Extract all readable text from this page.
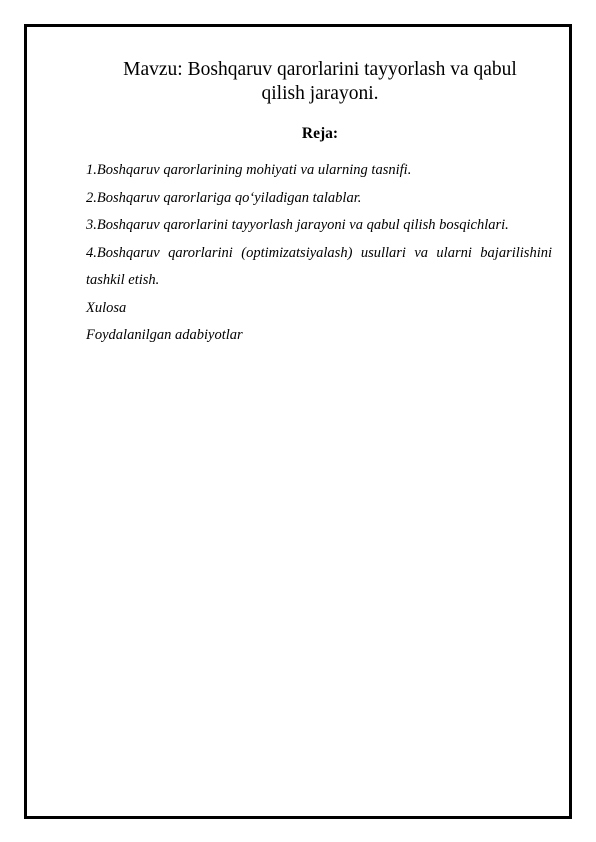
Mavzu: Boshqaruv qarorlarini tayyorlash va qabul
qilish jarayoni.
Reja:
1.Boshqaruv qarorlarining mohiyati va ularning tasnifi.
2.Boshqaruv qarorlariga qo‘yiladigan talablar.
3.Boshqaruv qarorlarini tayyorlash jarayoni va qabul qilish bosqichlari.
4.Boshqaruv qarorlarini (optimizatsiyalash) usullari va ularni bajarilishini tashkil etish.
Xulosa
Foydalanilgan adabiyotlar
